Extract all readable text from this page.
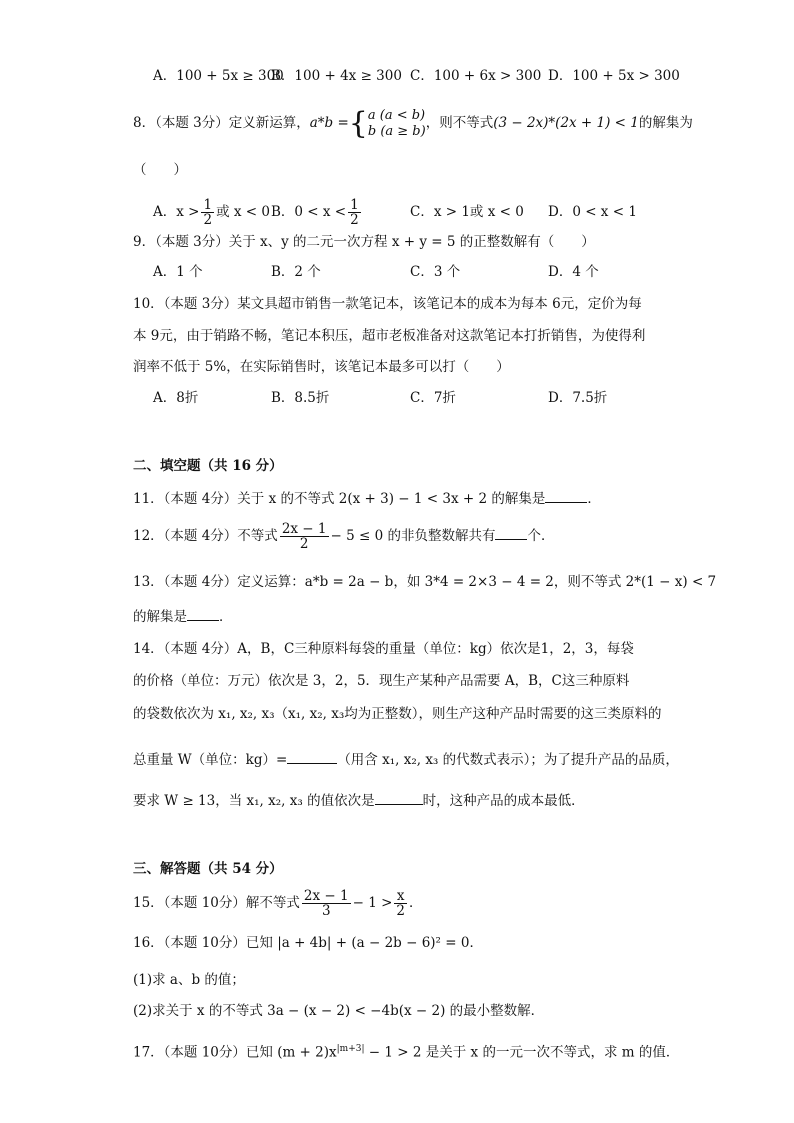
A．100 + 5x ≥ 300
B．100 + 4x ≥ 300 C．100 + 6x > 300 D．100 + 5x > 300
8．（本题 3分）定义新运算，a*b ={ a (a < b)
b (a ≥ b)
，则不等式(3 − 2x)*(2x + 1) < 1的解集为
（　　）
A．$x > \frac{1}{2}$ 或 x < 0 B．$0 < x < \frac{1}{2}$	C．x > 1或 x < 0 D．0 < x < 1
9．（本题 3分）关于 x、y 的二元一次方程 x + y = 5 的正整数解有（　　）
A．1 个	B．2 个	C．3 个	D．4 个
10．（本题 3分）某文具超市销售一款笔记本，该笔记本的成本为每本 6元，定价为每
本 9元，由于销路不畅，笔记本积压，超市老板准备对这款笔记本打折销售，为使得利
润率不低于 5%，在实际销售时，该笔记本最多可以打（　　）
A．8折	B．8.5折	C．7折	D．7.5折
二、填空题（共 16 分）
11．（本题 4分）关于 x 的不等式 2(x + 3) − 1 < 3x + 2 的解集是	．
12．（本题 4分）不等式 $\frac{2x - 1}{2} - 5 \le 0$ 的非负整数解共有 个．
13．（本题 4分）定义运算：a*b = 2a − b，如 3*4 = 2×3 − 4 = 2，则不等式 2*(1 − x) < 7
的解集是 ．
14．（本题 4分）A，B，C三种原料每袋的重量（单位：kg）依次是1，2，3，每袋
的价格（单位：万元）依次是 3，2，5．现生产某种产品需要 A，B，C这三种原料
的袋数依次为 x₁, x₂, x₃（x₁, x₂, x₃均为正整数），则生产这种产品时需要的这三类原料的
总重量 W（单位：kg）=	（用含 x₁, x₂, x₃ 的代数式表示）；为了提升产品的品质，
要求 W ≥ 13，当 x₁, x₂, x₃ 的值依次是	时，这种产品的成本最低．
三、解答题（共 54 分）
15．（本题 10分）解不等式 $\frac{2x - 1}{3} - 1 > \frac{x}{2}$ ．
16．（本题 10分）已知 |a + 4b| + (a − 2b − 6)² = 0．
(1)求 a、b 的值；
(2)求关于 x 的不等式 3a − (x − 2) < −4b(x − 2) 的最小整数解．
17．（本题 10分）已知 $(m + 2)x^{|m+3|} - 1 > 2$ 是关于 x 的一元一次不等式，求 m 的值．
